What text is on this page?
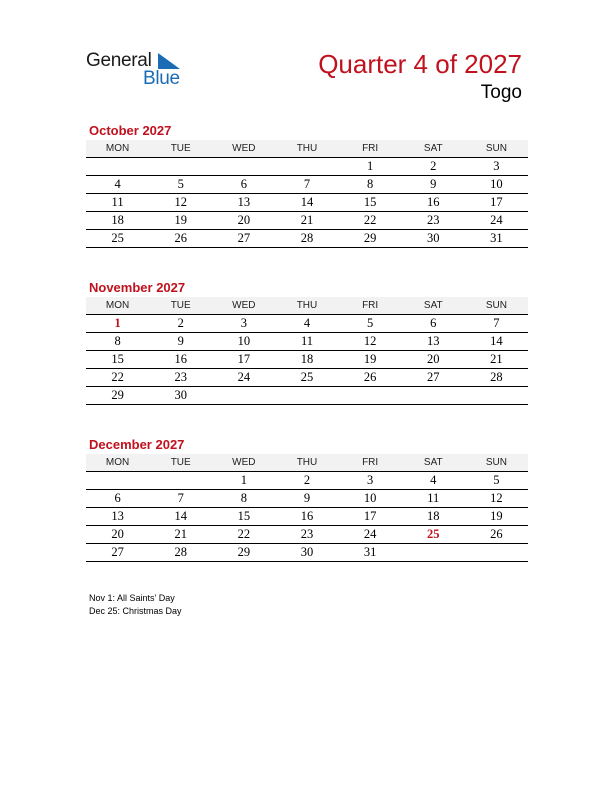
General
Blue	Quarter 4 of 2027
Togo
October 2027
MON	TUE	WED	THU	FRI	SAT	SUN
				1	2	3
4	5	6	7	8	9	10
11	12	13	14	15	16	17
18	19	20	21	22	23	24
25	26	27	28	29	30	31
November 2027
MON	TUE	WED	THU	FRI	SAT	SUN
1	2	3	4	5	6	7
8	9	10	11	12	13	14
15	16	17	18	19	20	21
22	23	24	25	26	27	28
29	30					
December 2027
MON	TUE	WED	THU	FRI	SAT	SUN
		1	2	3	4	5
6	7	8	9	10	11	12
13	14	15	16	17	18	19
20	21	22	23	24	25	26
27	28	29	30	31		
Nov 1: All Saints’ Day
Dec 25: Christmas Day
